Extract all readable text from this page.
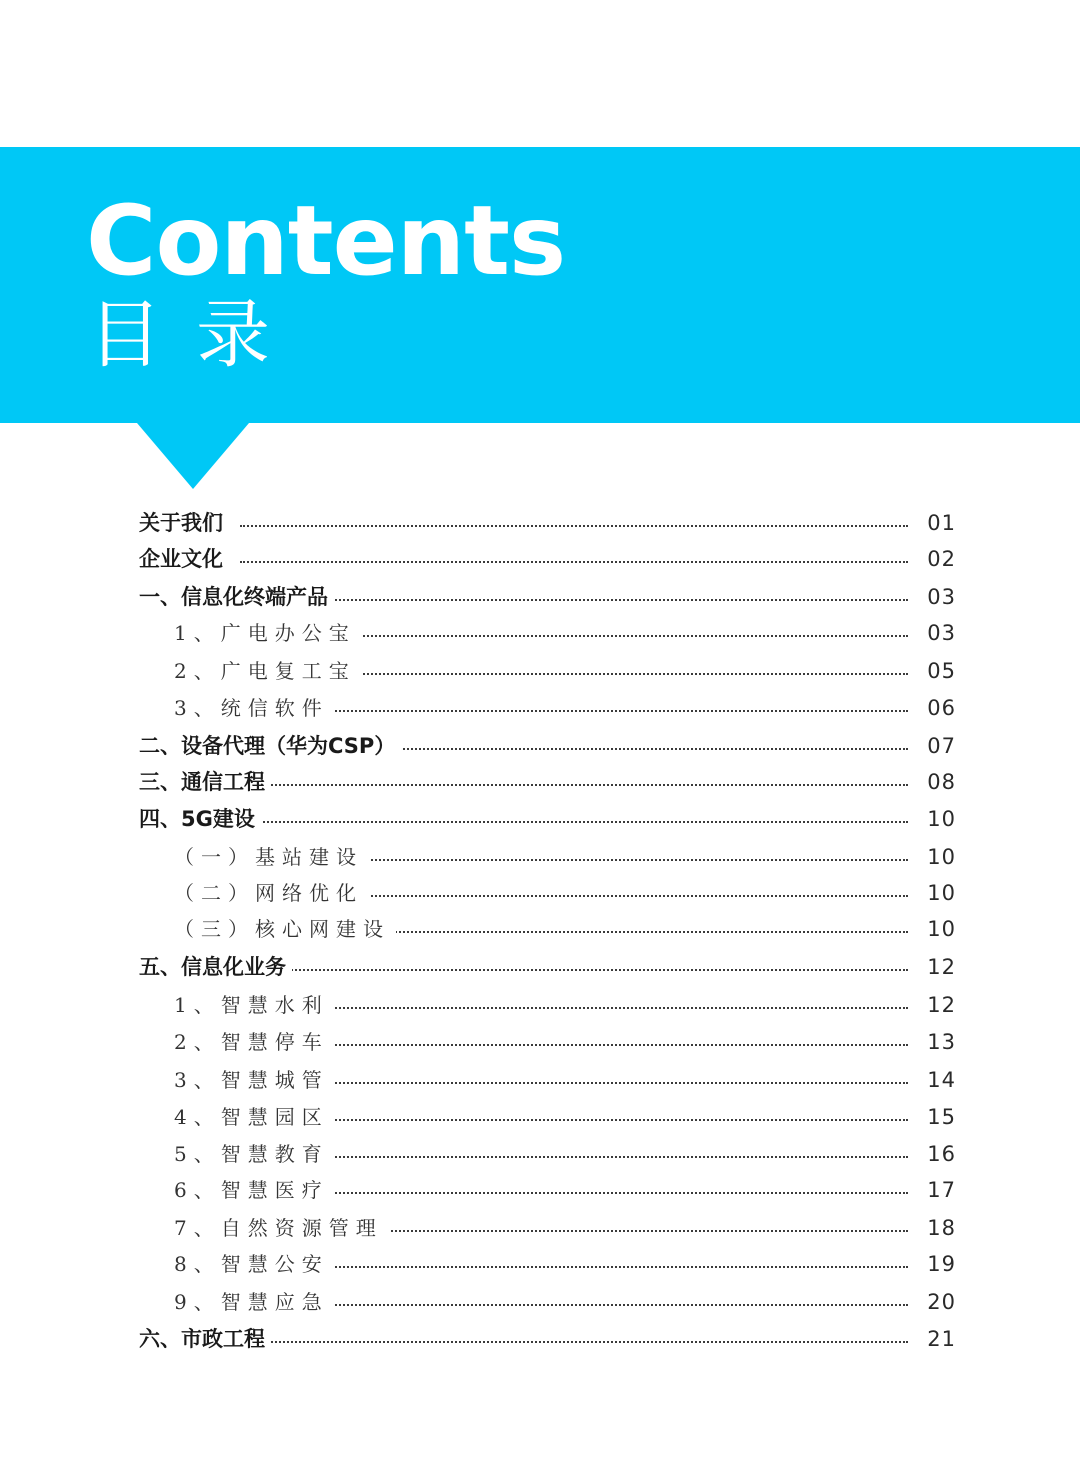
Contents
目录
关于我们	01
企业文化	02
一、信息化终端产品	03
1、广电办公宝	03
2、广电复工宝	05
3、统信软件	06
二、设备代理（华为CSP）	07
三、通信工程	08
四、5G建设	10
（一）基站建设	10
（二）网络优化	10
（三）核心网建设	10
五、信息化业务	12
1、智慧水利	12
2、智慧停车	13
3、智慧城管	14
4、智慧园区	15
5、智慧教育	16
6、智慧医疗	17
7、自然资源管理	18
8、智慧公安	19
9、智慧应急	20
六、市政工程	21
